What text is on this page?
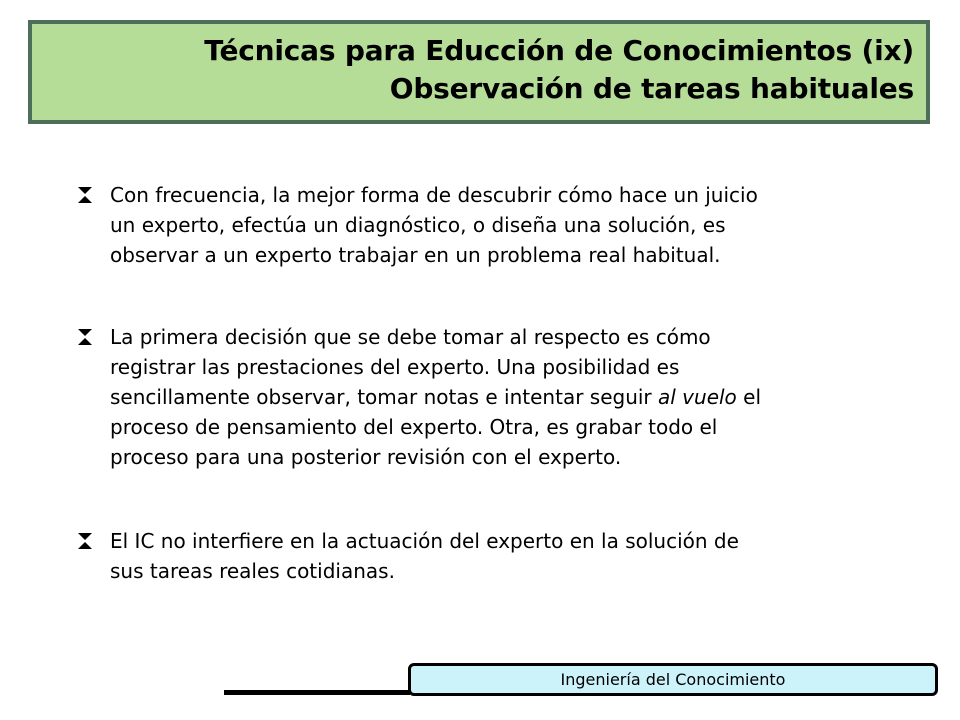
Técnicas para Educción de Conocimientos (ix)
Observación de tareas habituales
Con frecuencia, la mejor forma de descubrir cómo hace un juicio
un experto, efectúa un diagnóstico, o diseña una solución, es
observar a un experto trabajar en un problema real habitual.
La primera decisión que se debe tomar al respecto es cómo
registrar las prestaciones del experto. Una posibilidad es
sencillamente observar, tomar notas e intentar seguir al vuelo el
proceso de pensamiento del experto. Otra, es grabar todo el
proceso para una posterior revisión con el experto.
El IC no interfiere en la actuación del experto en la solución de
sus tareas reales cotidianas.
Ingeniería del Conocimiento
